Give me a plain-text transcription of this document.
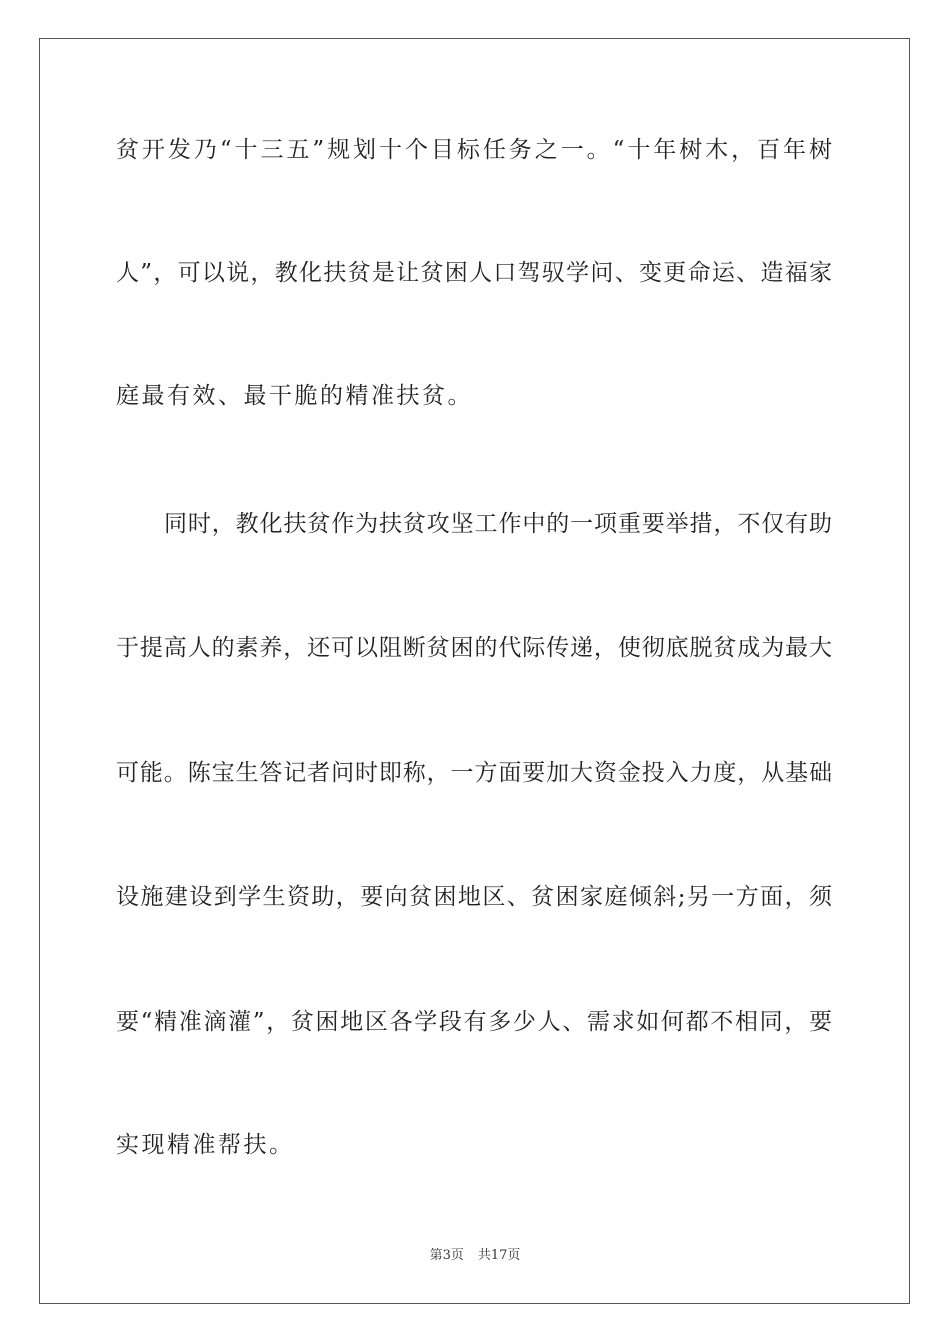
贫开发乃“十三五”规划十个目标任务之一。“十年树木，百年树
人”，可以说，教化扶贫是让贫困人口驾驭学问、变更命运、造福家
庭最有效、最干脆的精准扶贫。
同时，教化扶贫作为扶贫攻坚工作中的一项重要举措，不仅有助
于提高人的素养，还可以阻断贫困的代际传递，使彻底脱贫成为最大
可能。陈宝生答记者问时即称，一方面要加大资金投入力度，从基础
设施建设到学生资助，要向贫困地区、贫困家庭倾斜;另一方面，须
要“精准滴灌”，贫困地区各学段有多少人、需求如何都不相同，要
实现精准帮扶。
第3页 共17页
